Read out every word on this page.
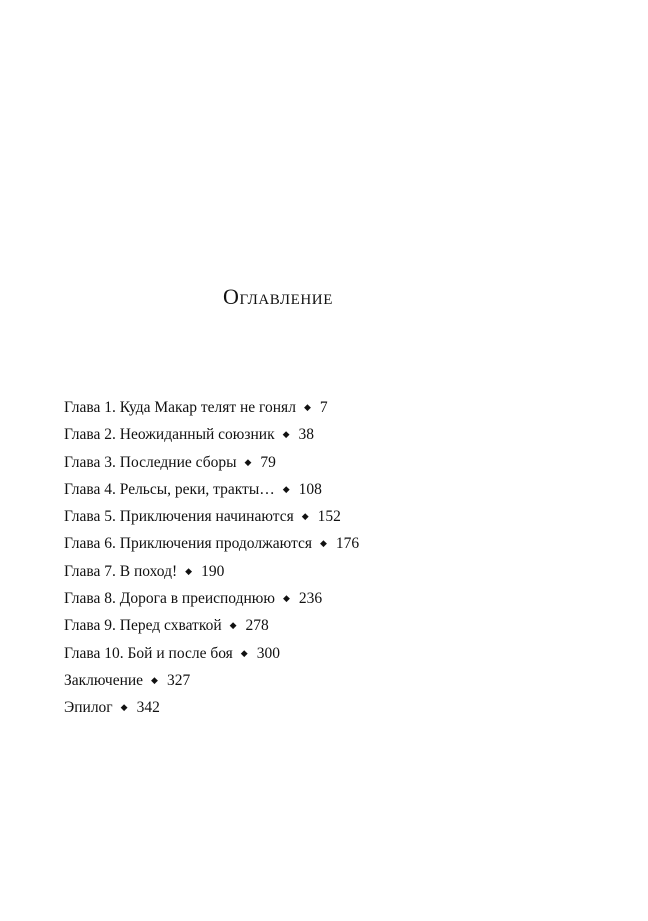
Оглавление
Глава 1. Куда Макар телят не гонял ◆ 7
Глава 2. Неожиданный союзник ◆ 38
Глава 3. Последние сборы ◆ 79
Глава 4. Рельсы, реки, тракты… ◆ 108
Глава 5. Приключения начинаются ◆ 152
Глава 6. Приключения продолжаются ◆ 176
Глава 7. В поход! ◆ 190
Глава 8. Дорога в преисподнюю ◆ 236
Глава 9. Перед схваткой ◆ 278
Глава 10. Бой и после боя ◆ 300
Заключение ◆ 327
Эпилог ◆ 342
